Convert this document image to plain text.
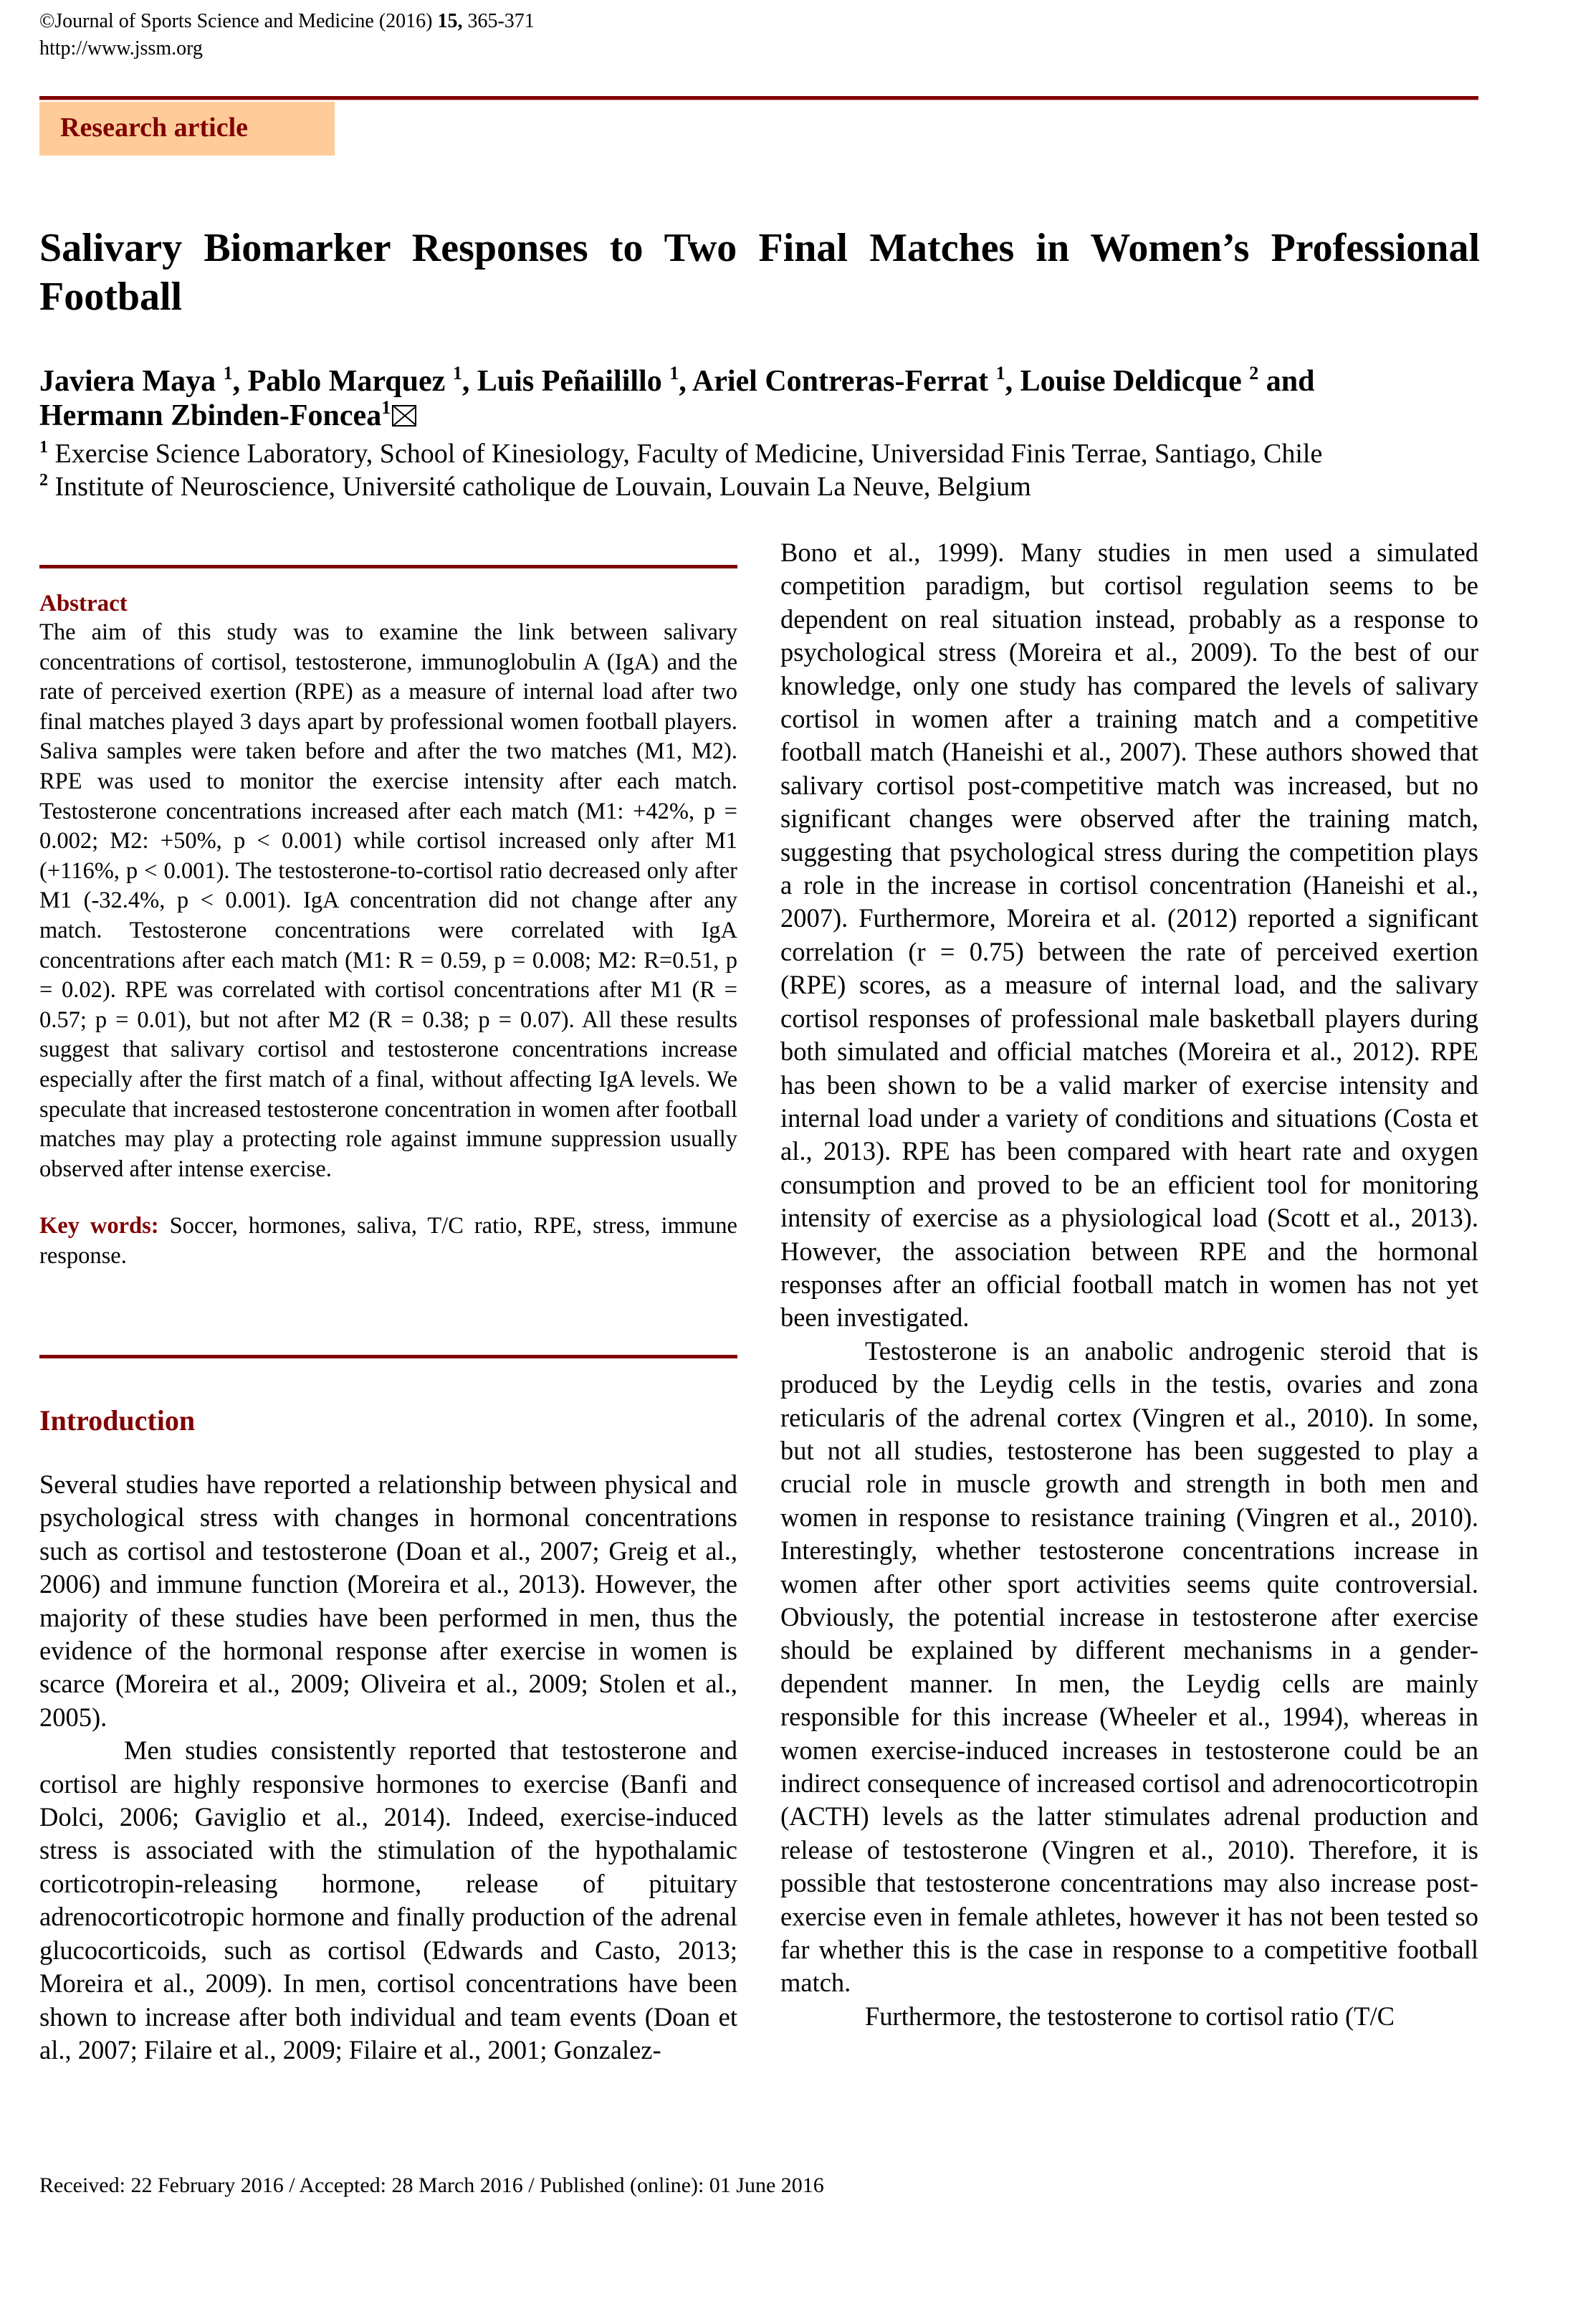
©Journal of Sports Science and Medicine (2016) 15, 365-371
http://www.jssm.org
Research article
Salivary Biomarker Responses to Two Final Matches in Women’s Professional Football
Javiera Maya $^1$, Pablo Marquez $^1$, Luis Peñailillo $^1$, Ariel Contreras-Ferrat $^1$, Louise Deldicque $^2$ and
Hermann Zbinden-Foncea$^1$
$^1$ Exercise Science Laboratory, School of Kinesiology, Faculty of Medicine, Universidad Finis Terrae, Santiago, Chile
$^2$ Institute of Neuroscience, Université catholique de Louvain, Louvain La Neuve, Belgium
Abstract
The aim of this study was to examine the link between salivary concentrations of cortisol, testosterone, immunoglobulin A (IgA) and the rate of perceived exertion (RPE) as a measure of internal load after two final matches played 3 days apart by professional women football players. Saliva samples were taken before and after the two matches (M1, M2). RPE was used to monitor the exercise intensity after each match. Testosterone concentrations increased after each match (M1: +42%, p = 0.002; M2: +50%, p < 0.001) while cortisol increased only after M1 (+116%, p < 0.001). The testosterone-to-cortisol ratio decreased only after M1 (-32.4%, p < 0.001). IgA concentration did not change after any match. Testosterone concentrations were correlated with IgA concentrations after each match (M1: R = 0.59, p = 0.008; M2: R=0.51, p = 0.02). RPE was correlated with cortisol concentrations after M1 (R = 0.57; p = 0.01), but not after M2 (R = 0.38; p = 0.07). All these results suggest that salivary cortisol and testosterone concentrations increase especially after the first match of a final, without affecting IgA levels. We speculate that increased testosterone concentration in women after football matches may play a protecting role against immune suppression usually observed after intense exercise.
Key words: Soccer, hormones, saliva, T/C ratio, RPE, stress, immune response.
Introduction

Several studies have reported a relationship between physical and psychological stress with changes in hormonal concentrations such as cortisol and testosterone (Doan et al., 2007; Greig et al., 2006) and immune function (Moreira et al., 2013). However, the majority of these studies have been performed in men, thus the evidence of the hormonal response after exercise in women is scarce (Moreira et al., 2009; Oliveira et al., 2009; Stolen et al., 2005).

Men studies consistently reported that testosterone and cortisol are highly responsive hormones to exercise (Banfi and Dolci, 2006; Gaviglio et al., 2014). Indeed, exercise-induced stress is associated with the stimulation of the hypothalamic corticotropin-releasing hormone, release of pituitary adrenocorticotropic hormone and finally production of the adrenal glucocorticoids, such as cortisol (Edwards and Casto, 2013; Moreira et al., 2009). In men, cortisol concentrations have been shown to increase after both individual and team events (Doan et al., 2007; Filaire et al., 2009; Filaire et al., 2001; Gonzalez-

Bono et al., 1999). Many studies in men used a simulated competition paradigm, but cortisol regulation seems to be dependent on real situation instead, probably as a response to psychological stress (Moreira et al., 2009). To the best of our knowledge, only one study has compared the levels of salivary cortisol in women after a training match and a competitive football match (Haneishi et al., 2007). These authors showed that salivary cortisol post-competitive match was increased, but no significant changes were observed after the training match, suggesting that psychological stress during the competition plays a role in the increase in cortisol concentration (Haneishi et al., 2007). Furthermore, Moreira et al. (2012) reported a significant correlation (r = 0.75) between the rate of perceived exertion (RPE) scores, as a measure of internal load, and the salivary cortisol responses of professional male basketball players during both simulated and official matches (Moreira et al., 2012). RPE has been shown to be a valid marker of exercise intensity and internal load under a variety of conditions and situations (Costa et al., 2013). RPE has been compared with heart rate and oxygen consumption and proved to be an efficient tool for monitoring intensity of exercise as a physiological load (Scott et al., 2013). However, the association between RPE and the hormonal responses after an official football match in women has not yet been investigated.

Testosterone is an anabolic androgenic steroid that is produced by the Leydig cells in the testis, ovaries and zona reticularis of the adrenal cortex (Vingren et al., 2010). In some, but not all studies, testosterone has been suggested to play a crucial role in muscle growth and strength in both men and women in response to resistance training (Vingren et al., 2010). Interestingly, whether testosterone concentrations increase in women after other sport activities seems quite controversial. Obviously, the potential increase in testosterone after exercise should be explained by different mechanisms in a gender-dependent manner. In men, the Leydig cells are mainly responsible for this increase (Wheeler et al., 1994), whereas in women exercise-induced increases in testosterone could be an indirect consequence of increased cortisol and adrenocorticotropin (ACTH) levels as the latter stimulates adrenal production and release of testosterone (Vingren et al., 2010). Therefore, it is possible that testosterone concentrations may also increase post-exercise even in female athletes, however it has not been tested so far whether this is the case in response to a competitive football match.

Furthermore, the testosterone to cortisol ratio (T/C

Received: 22 February 2016 / Accepted: 28 March 2016 / Published (online): 01 June 2016
